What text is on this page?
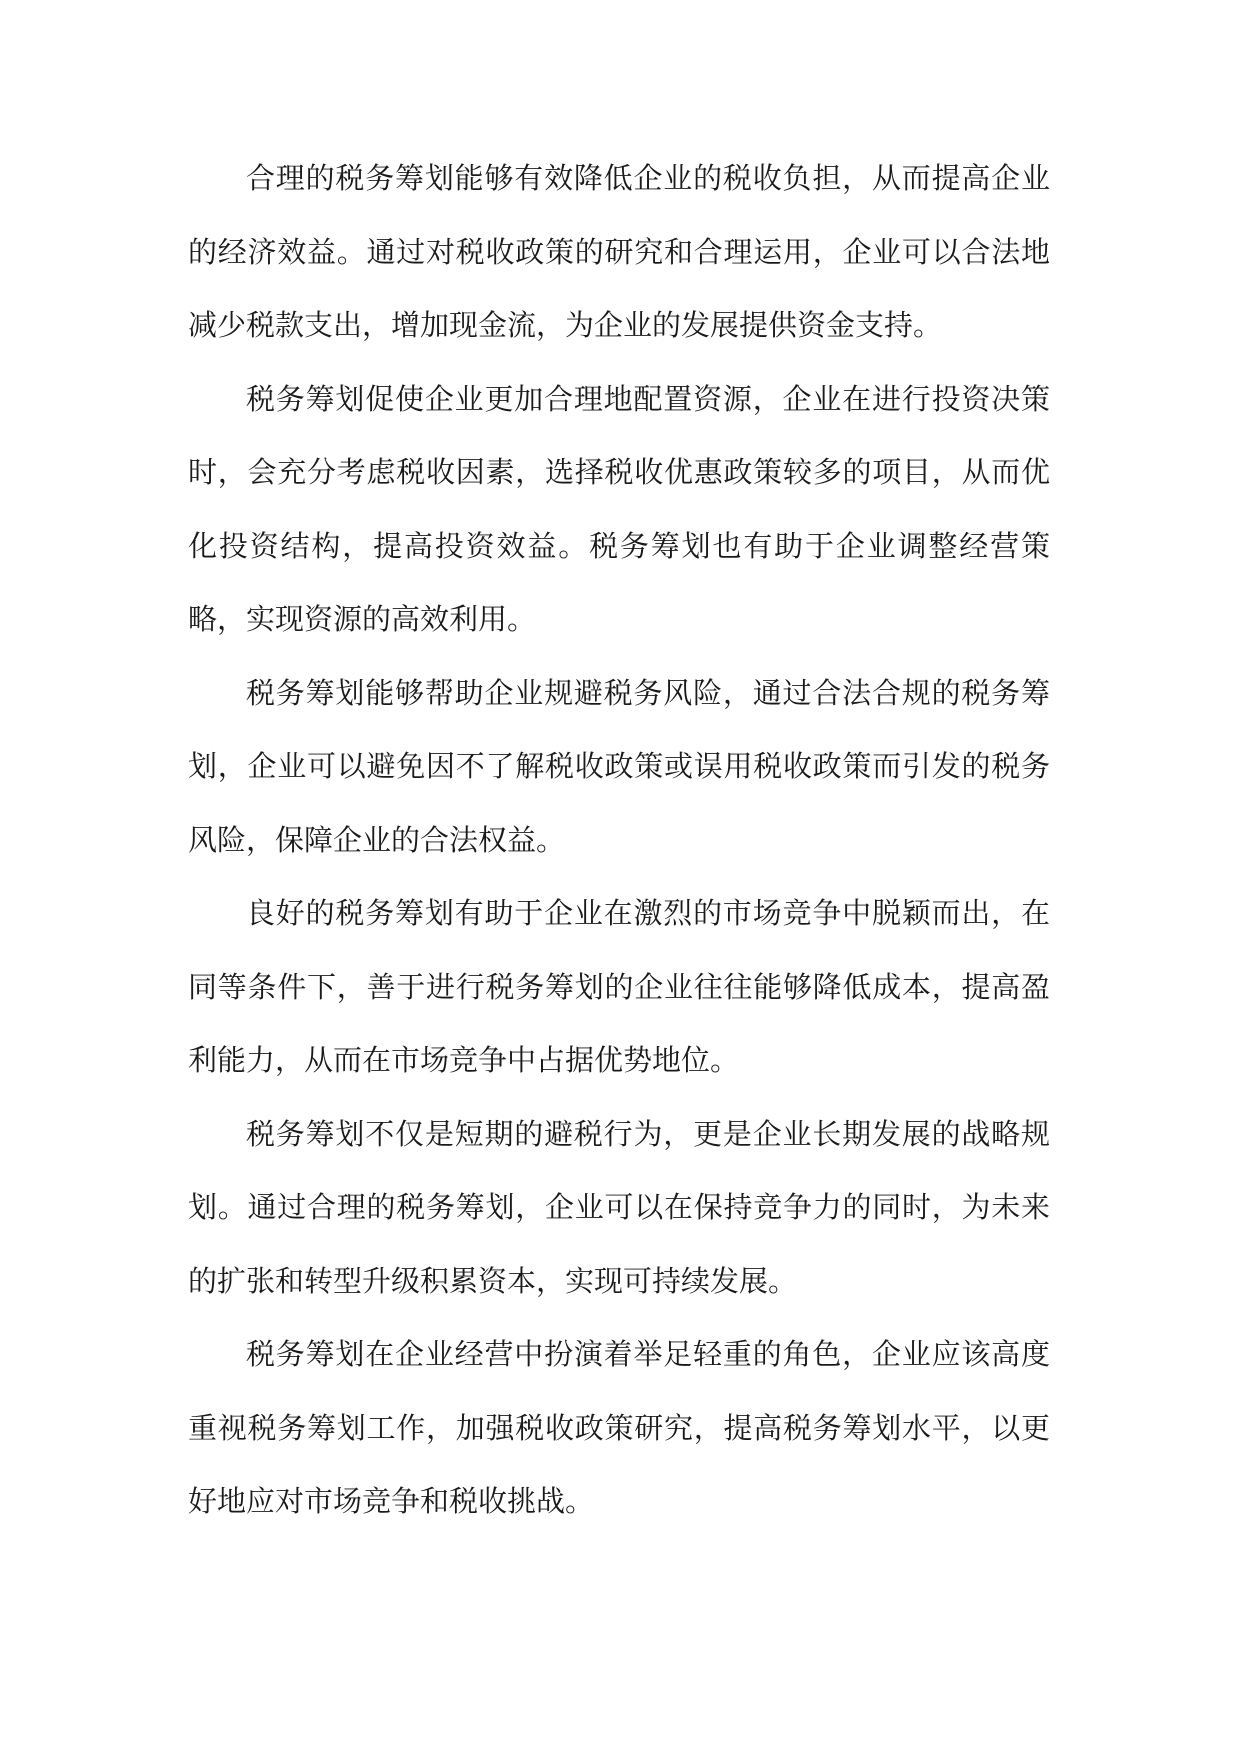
合理的税务筹划能够有效降低企业的税收负担，从而提高企业的经济效益。通过对税收政策的研究和合理运用，企业可以合法地减少税款支出，增加现金流，为企业的发展提供资金支持。

税务筹划促使企业更加合理地配置资源，企业在进行投资决策时，会充分考虑税收因素，选择税收优惠政策较多的项目，从而优化投资结构，提高投资效益。税务筹划也有助于企业调整经营策略，实现资源的高效利用。

税务筹划能够帮助企业规避税务风险，通过合法合规的税务筹划，企业可以避免因不了解税收政策或误用税收政策而引发的税务风险，保障企业的合法权益。

良好的税务筹划有助于企业在激烈的市场竞争中脱颖而出，在同等条件下，善于进行税务筹划的企业往往能够降低成本，提高盈利能力，从而在市场竞争中占据优势地位。

税务筹划不仅是短期的避税行为，更是企业长期发展的战略规划。通过合理的税务筹划，企业可以在保持竞争力的同时，为未来的扩张和转型升级积累资本，实现可持续发展。

税务筹划在企业经营中扮演着举足轻重的角色，企业应该高度重视税务筹划工作，加强税收政策研究，提高税务筹划水平，以更好地应对市场竞争和税收挑战。
